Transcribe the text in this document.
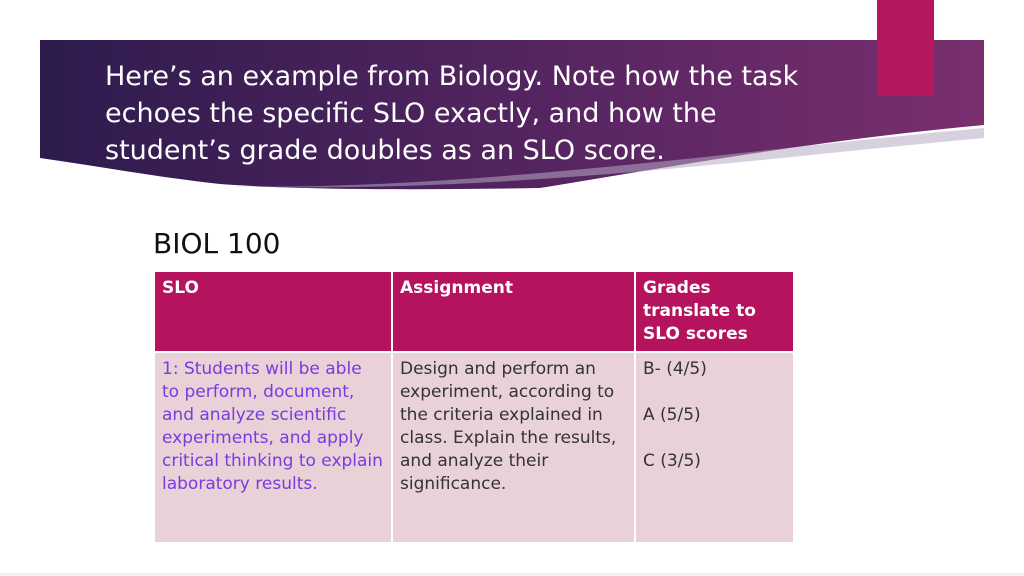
Here’s an example from Biology. Note how the task echoes the specific SLO exactly, and how the student’s grade doubles as an SLO score.
BIOL 100
SLO	Assignment	Grades translate to SLO scores
1: Students will be able to perform, document, and analyze scientific experiments, and apply critical thinking to explain laboratory results.	Design and perform an experiment, according to the criteria explained in class. Explain the results, and analyze their significance.	B- (4/5)
A (5/5)
C (3/5)
